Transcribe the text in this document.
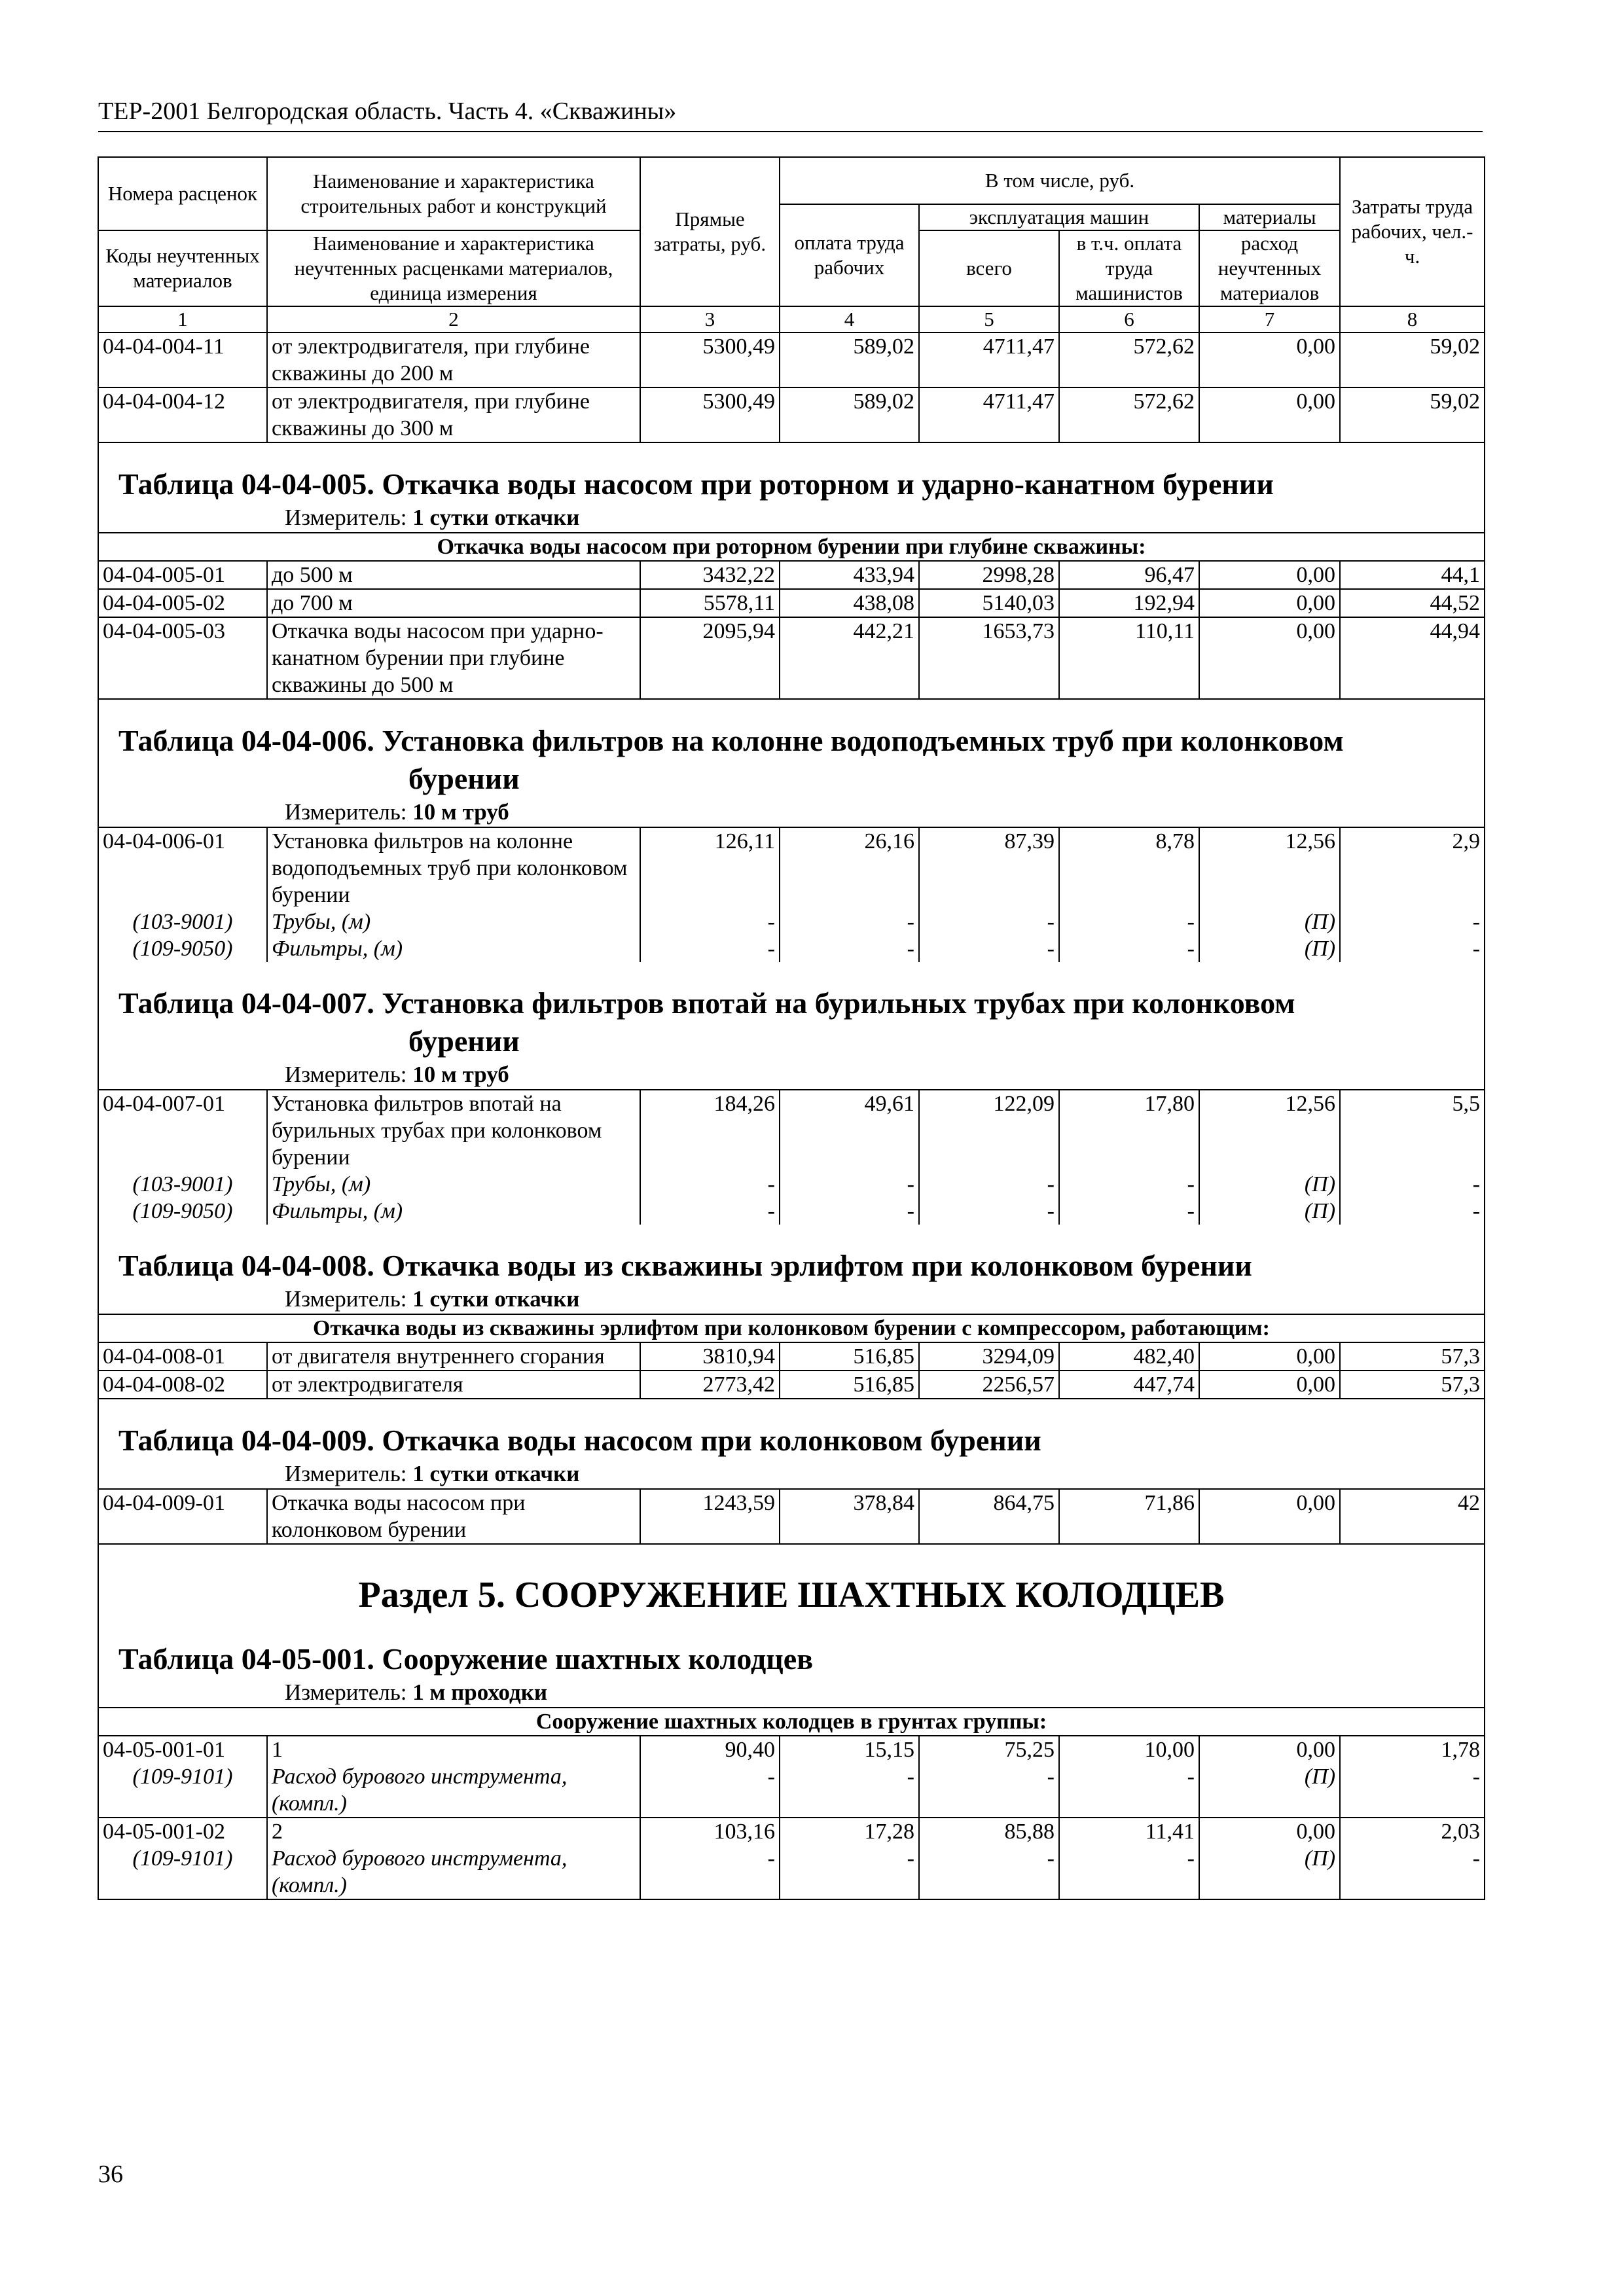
ТЕР-2001 Белгородская область. Часть 4. «Скважины»
Номера расценок	Наименование и характеристика строительных работ и конструкций	Прямые затраты, руб.	В том числе, руб.				Затраты труда рабочих, чел.-ч.
			оплата труда рабочих	эксплуатация машин		материалы	
Коды неучтенных материалов	Наименование и характеристика неучтенных расценками материалов, единица измерения			всего	в т.ч. оплата труда машинистов	расход неучтенных материалов	

1	2	3	4	5	6	7	8
04-04-004-11	от электродвигателя, при глубине скважины до 200 м	5300,49	589,02	4711,47	572,62	0,00	59,02
04-04-004-12	от электродвигателя, при глубине скважины до 300 м	5300,49	589,02	4711,47	572,62	0,00	59,02

Таблица 04-04-005. Откачка воды насосом при роторном и ударно-канатном бурении
Измеритель: 1 сутки откачки							

Откачка воды насосом при роторном бурении при глубине скважины:							
04-04-005-01	до 500 м	3432,22	433,94	2998,28	96,47	0,00	44,1
04-04-005-02	до 700 м	5578,11	438,08	5140,03	192,94	0,00	44,52
04-04-005-03	Откачка воды насосом при ударно-канатном бурении при глубине скважины до 500 м	2095,94	442,21	1653,73	110,11	0,00	44,94

Таблица 04-04-006. Установка фильтров на колонне водоподъемных труб при колонковом
бурении
Измеритель: 10 м труб							

04-04-006-01	Установка фильтров на колонне водоподъемных труб при колонковом бурении	126,11	26,16	87,39	8,78	12,56	2,9
(103-9001)	Трубы, (м)	-	-	-	-	(П)	-
(109-9050)	Фильтры, (м)	-	-	-	-	(П)	-

Таблица 04-04-007. Установка фильтров впотай на бурильных трубах при колонковом
бурении
Измеритель: 10 м труб							

04-04-007-01	Установка фильтров впотай на бурильных трубах при колонковом бурении	184,26	49,61	122,09	17,80	12,56	5,5
(103-9001)	Трубы, (м)	-	-	-	-	(П)	-
(109-9050)	Фильтры, (м)	-	-	-	-	(П)	-

Таблица 04-04-008. Откачка воды из скважины эрлифтом при колонковом бурении
Измеритель: 1 сутки откачки							

Откачка воды из скважины эрлифтом при колонковом бурении с компрессором, работающим:							
04-04-008-01	от двигателя внутреннего сгорания	3810,94	516,85	3294,09	482,40	0,00	57,3
04-04-008-02	от электродвигателя	2773,42	516,85	2256,57	447,74	0,00	57,3

Таблица 04-04-009. Откачка воды насосом при колонковом бурении
Измеритель: 1 сутки откачки							

04-04-009-01	Откачка воды насосом при колонковом бурении	1243,59	378,84	864,75	71,86	0,00	42

Раздел 5. СООРУЖЕНИЕ ШАХТНЫХ КОЛОДЦЕВ							

Таблица 04-05-001. Сооружение шахтных колодцев
Измеритель: 1 м проходки							

Сооружение шахтных колодцев в грунтах группы:							
04-05-001-01	1	90,40	15,15	75,25	10,00	0,00	1,78
(109-9101)	Расход бурового инструмента, (компл.)	-	-	-	-	(П)	-
04-05-001-02	2	103,16	17,28	85,88	11,41	0,00	2,03
(109-9101)	Расход бурового инструмента, (компл.)	-	-	-	-	(П)	-
36
